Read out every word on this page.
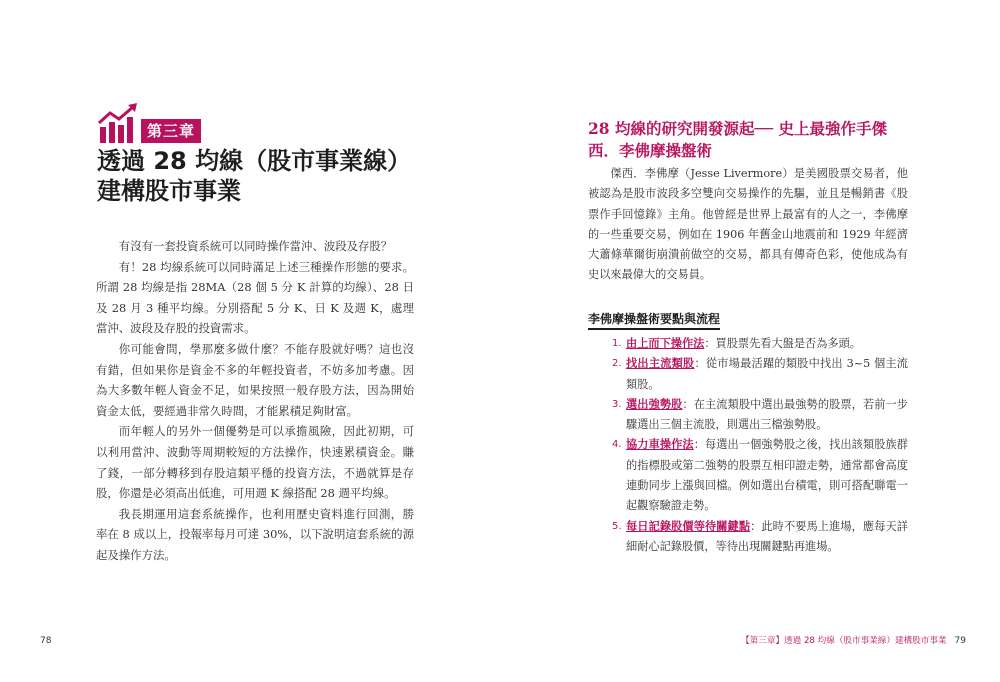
第三章
透過 28 均線（股市事業線）
建構股市事業

有沒有一套投資系統可以同時操作當沖、波段及存股？

有！28 均線系統可以同時滿足上述三種操作形態的要求。所謂 28 均線是指 28MA（28 個 5 分 K 計算的均線）、28 日及 28 月 3 種平均線。分別搭配 5 分 K、日 K 及週 K，處理當沖、波段及存股的投資需求。

你可能會問，學那麼多做什麼？不能存股就好嗎？這也沒有錯，但如果你是資金不多的年輕投資者，不妨多加考慮。因為大多數年輕人資金不足，如果按照一般存股方法，因為開始資金太低，要經過非常久時間，才能累積足夠財富。

而年輕人的另外一個優勢是可以承擔風險，因此初期，可以利用當沖、波動等周期較短的方法操作，快速累積資金。賺了錢，一部分轉移到存股這類平穩的投資方法，不過就算是存股，你還是必須高出低進，可用週 K 線搭配 28 週平均線。

我長期運用這套系統操作，也利用歷史資料進行回測，勝率在 8 成以上，投報率每月可達 30%，以下說明這套系統的源起及操作方法。

78
28 均線的研究開發源起── 史上最強作手傑西．李佛摩操盤術

傑西．李佛摩（Jesse Livermore）是美國股票交易者，他被認為是股市波段多空雙向交易操作的先驅，並且是暢銷書《股票作手回憶錄》主角。他曾經是世界上最富有的人之一，李佛摩的一些重要交易，例如在 1906 年舊金山地震前和 1929 年經濟大蕭條華爾街崩潰前做空的交易，都具有傳奇色彩，使他成為有史以來最偉大的交易員。

李佛摩操盤術要點與流程
1. 由上而下操作法：買股票先看大盤是否為多頭。
2. 找出主流類股：從市場最活躍的類股中找出 3~5 個主流類股。
3. 選出強勢股：在主流類股中選出最強勢的股票，若前一步驟選出三個主流股，則選出三檔強勢股。
4. 協力車操作法：每選出一個強勢股之後，找出該類股族群的指標股或第二強勢的股票互相印證走勢，通常都會高度連動同步上漲與回檔。例如選出台積電，則可搭配聯電一起觀察驗證走勢。
5. 每日記錄股價等待關鍵點：此時不要馬上進場，應每天詳細耐心記錄股價，等待出現關鍵點再進場。
【第三章】透過 28 均線（股市事業線）建構股市事業 79
